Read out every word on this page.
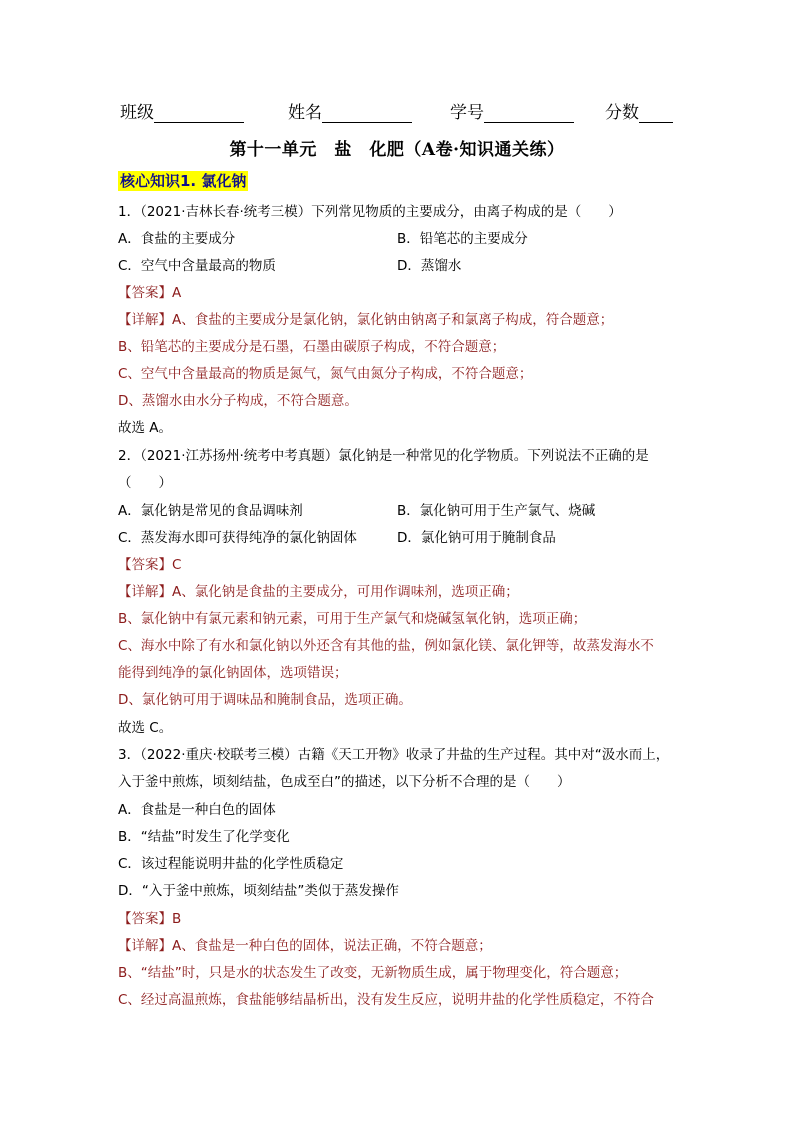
班级	姓名	学号	分数
第十一单元　盐　化肥（A卷·知识通关练）
核心知识1. 氯化钠
1．（2021·吉林长春·统考三模）下列常见物质的主要成分，由离子构成的是（　　）
A．食盐的主要成分	B．铅笔芯的主要成分
C．空气中含量最高的物质	D．蒸馏水
【答案】A
【详解】A、食盐的主要成分是氯化钠，氯化钠由钠离子和氯离子构成，符合题意；
B、铅笔芯的主要成分是石墨，石墨由碳原子构成，不符合题意；
C、空气中含量最高的物质是氮气，氮气由氮分子构成，不符合题意；
D、蒸馏水由水分子构成，不符合题意。
故选 A。
2．（2021·江苏扬州·统考中考真题）氯化钠是一种常见的化学物质。下列说法不正确的是
（　　）
A．氯化钠是常见的食品调味剂	B．氯化钠可用于生产氯气、烧碱
C．蒸发海水即可获得纯净的氯化钠固体	D．氯化钠可用于腌制食品
【答案】C
【详解】A、氯化钠是食盐的主要成分，可用作调味剂，选项正确；
B、氯化钠中有氯元素和钠元素，可用于生产氯气和烧碱氢氧化钠，选项正确；
C、海水中除了有水和氯化钠以外还含有其他的盐，例如氯化镁、氯化钾等，故蒸发海水不
能得到纯净的氯化钠固体，选项错误；
D、氯化钠可用于调味品和腌制食品，选项正确。
故选 C。
3．（2022·重庆·校联考三模）古籍《天工开物》收录了井盐的生产过程。其中对“汲水而上，
入于釜中煎炼，顷刻结盐，色成至白”的描述，以下分析不合理的是（　　）
A．食盐是一种白色的固体
B．“结盐”时发生了化学变化
C．该过程能说明井盐的化学性质稳定
D．“入于釜中煎炼，顷刻结盐”类似于蒸发操作
【答案】B
【详解】A、食盐是一种白色的固体，说法正确，不符合题意；
B、“结盐”时，只是水的状态发生了改变，无新物质生成，属于物理变化，符合题意；
C、经过高温煎炼，食盐能够结晶析出，没有发生反应，说明井盐的化学性质稳定，不符合
